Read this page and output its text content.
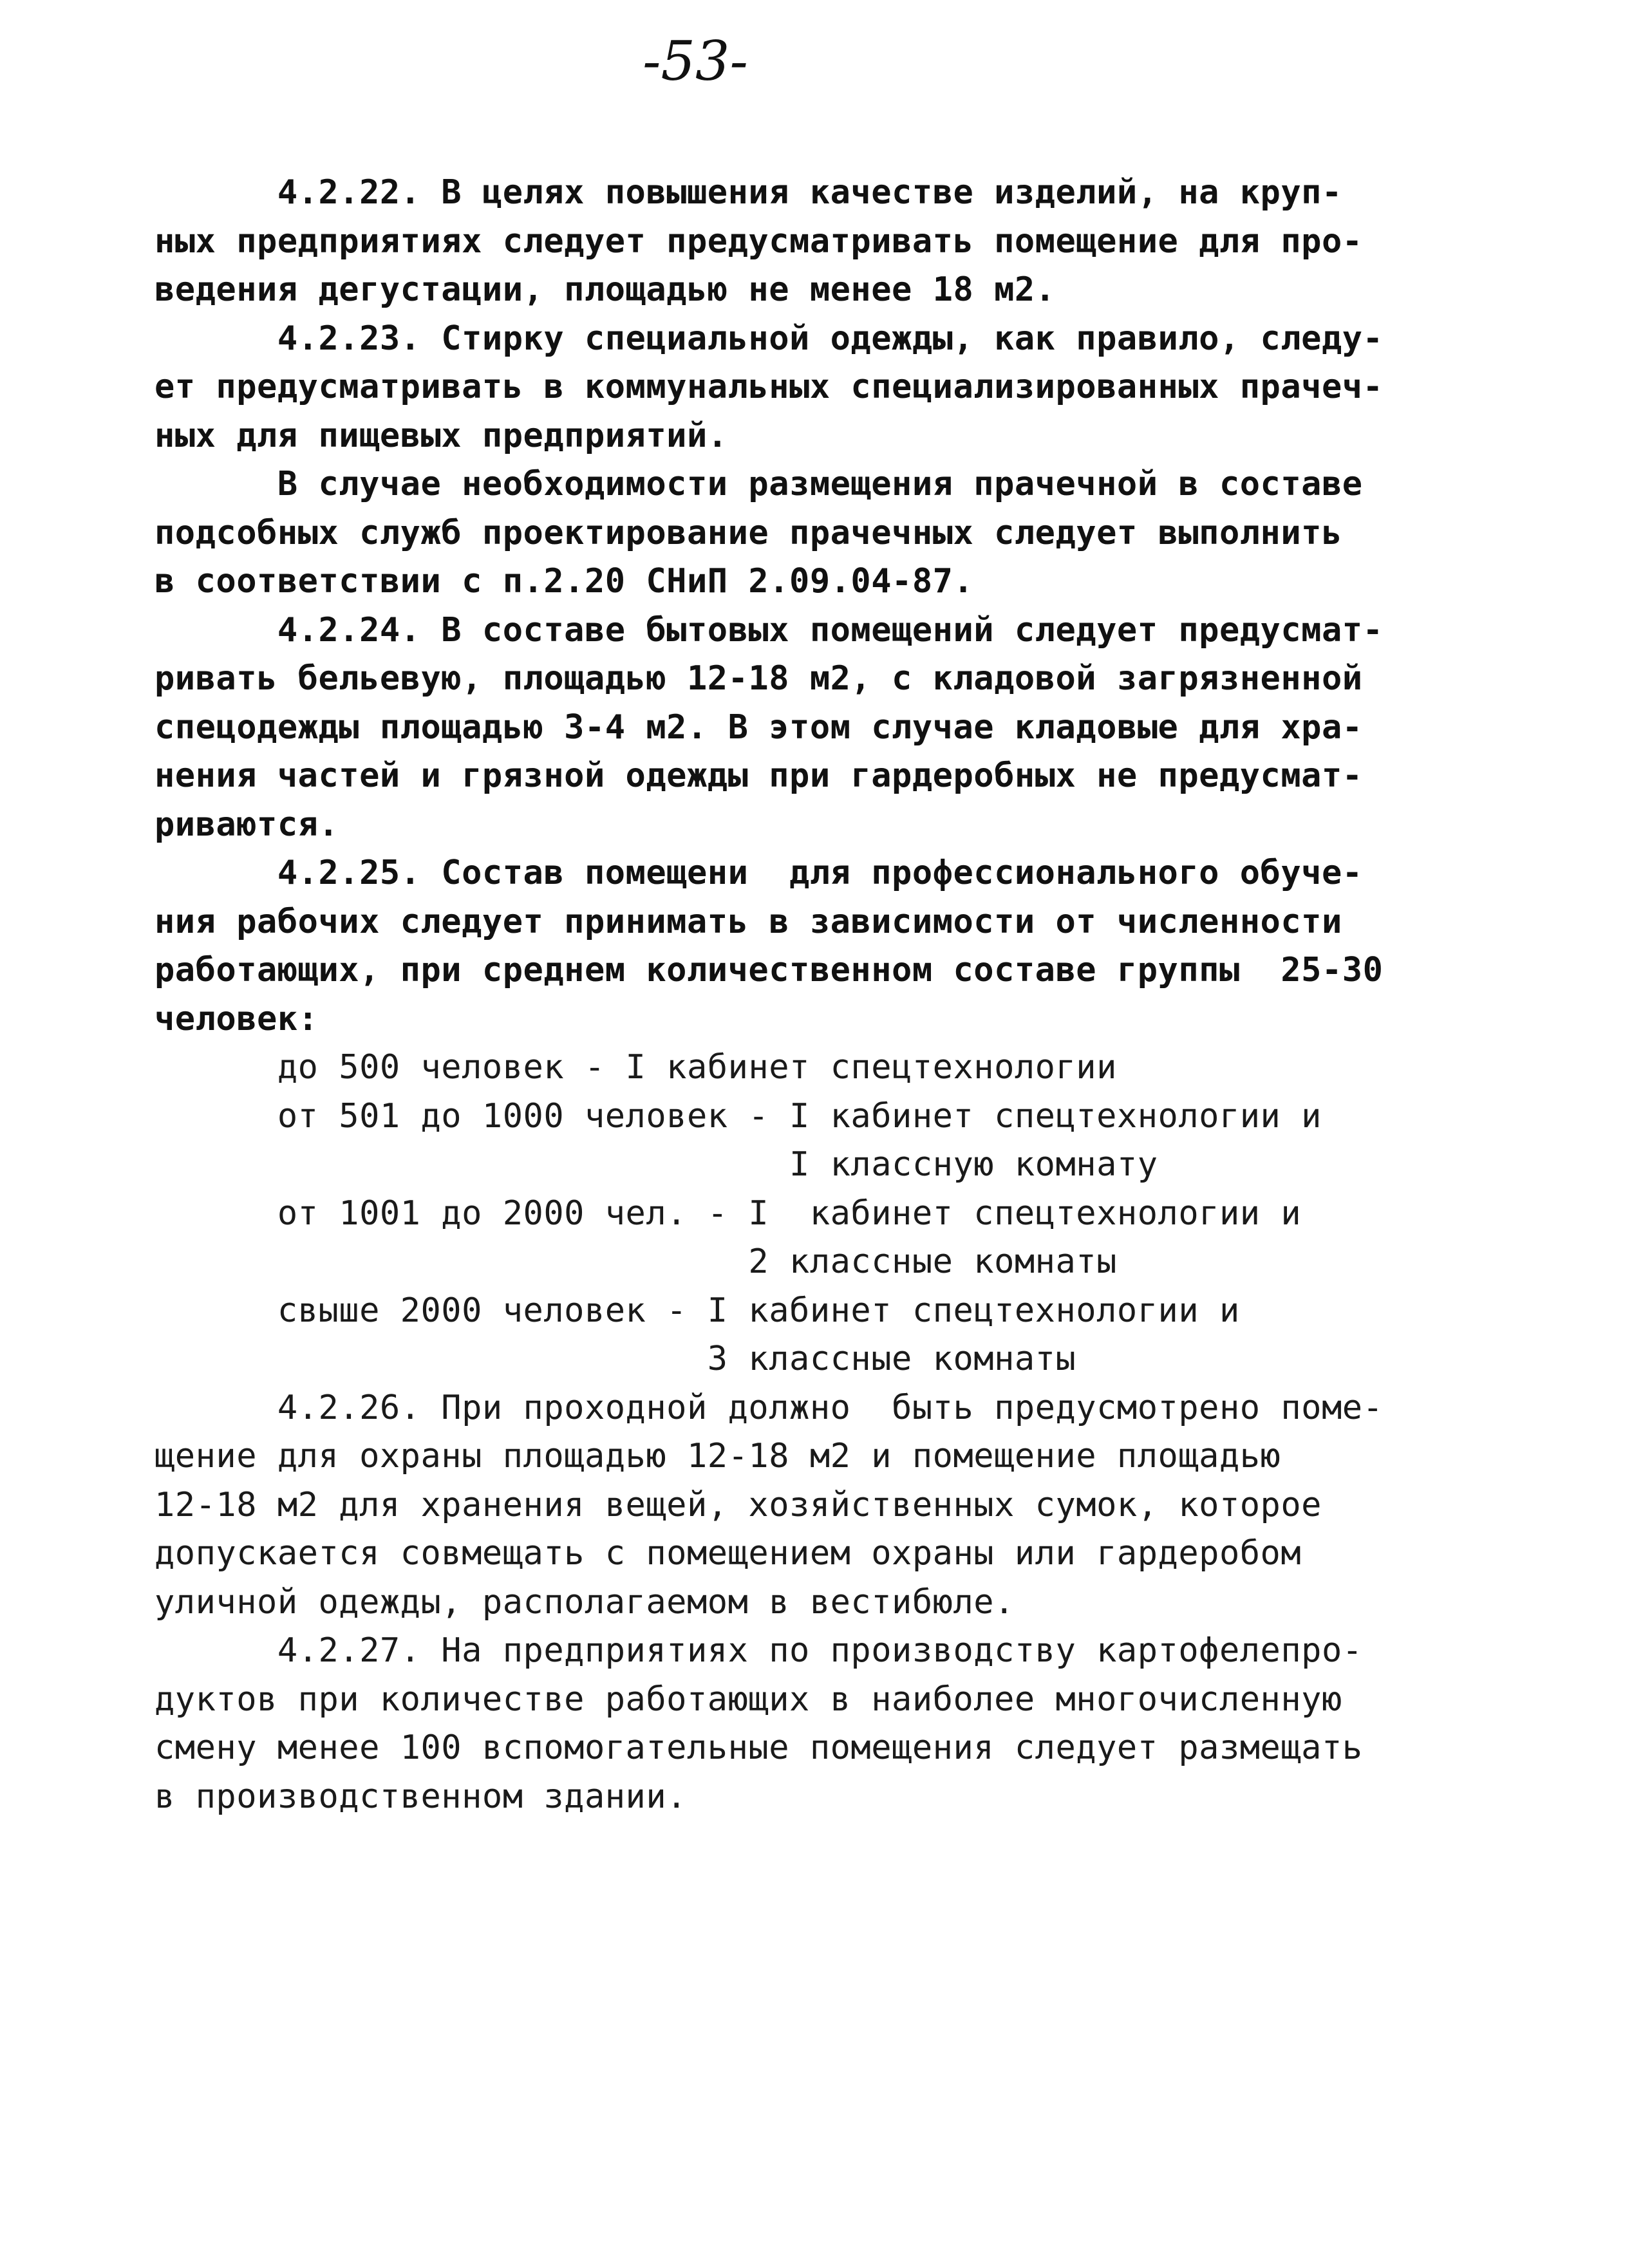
-53-
4.2.22. В целях повышения качестве изделий, на круп-
ных предприятиях следует предусматривать помещение для про-
ведения дегустации, площадью не менее 18 м2.
4.2.23. Стирку специальной одежды, как правило, следу-
ет предусматривать в коммунальных специализированных прачеч-
ных для пищевых предприятий.
В случае необходимости размещения прачечной в составе
подсобных служб проектирование прачечных следует выполнить
в соответствии с п.2.20 СНиП 2.09.04-87.
4.2.24. В составе бытовых помещений следует предусмат-
ривать бельевую, площадью 12-18 м2, с кладовой загрязненной
спецодежды площадью 3-4 м2. В этом случае кладовые для хра-
нения частей и грязной одежды при гардеробных не предусмат-
риваются.
4.2.25. Состав помещени  для профессионального обуче-
ния рабочих следует принимать в зависимости от численности
работающих, при среднем количественном составе группы  25-30
человек:
до 500 человек - I кабинет спецтехнологии
от 501 до 1000 человек - I кабинет спецтехнологии и
I классную комнату
от 1001 до 2000 чел. - I  кабинет спецтехнологии и
2 классные комнаты
свыше 2000 человек - I кабинет спецтехнологии и
3 классные комнаты
4.2.26. При проходной должно  быть предусмотрено поме-
щение для охраны площадью 12-18 м2 и помещение площадью
12-18 м2 для хранения вещей, хозяйственных сумок, которое
допускается совмещать с помещением охраны или гардеробом
уличной одежды, располагаемом в вестибюле.
4.2.27. На предприятиях по производству картофелепро-
дуктов при количестве работающих в наиболее многочисленную
смену менее 100 вспомогательные помещения следует размещать
в производственном здании.
